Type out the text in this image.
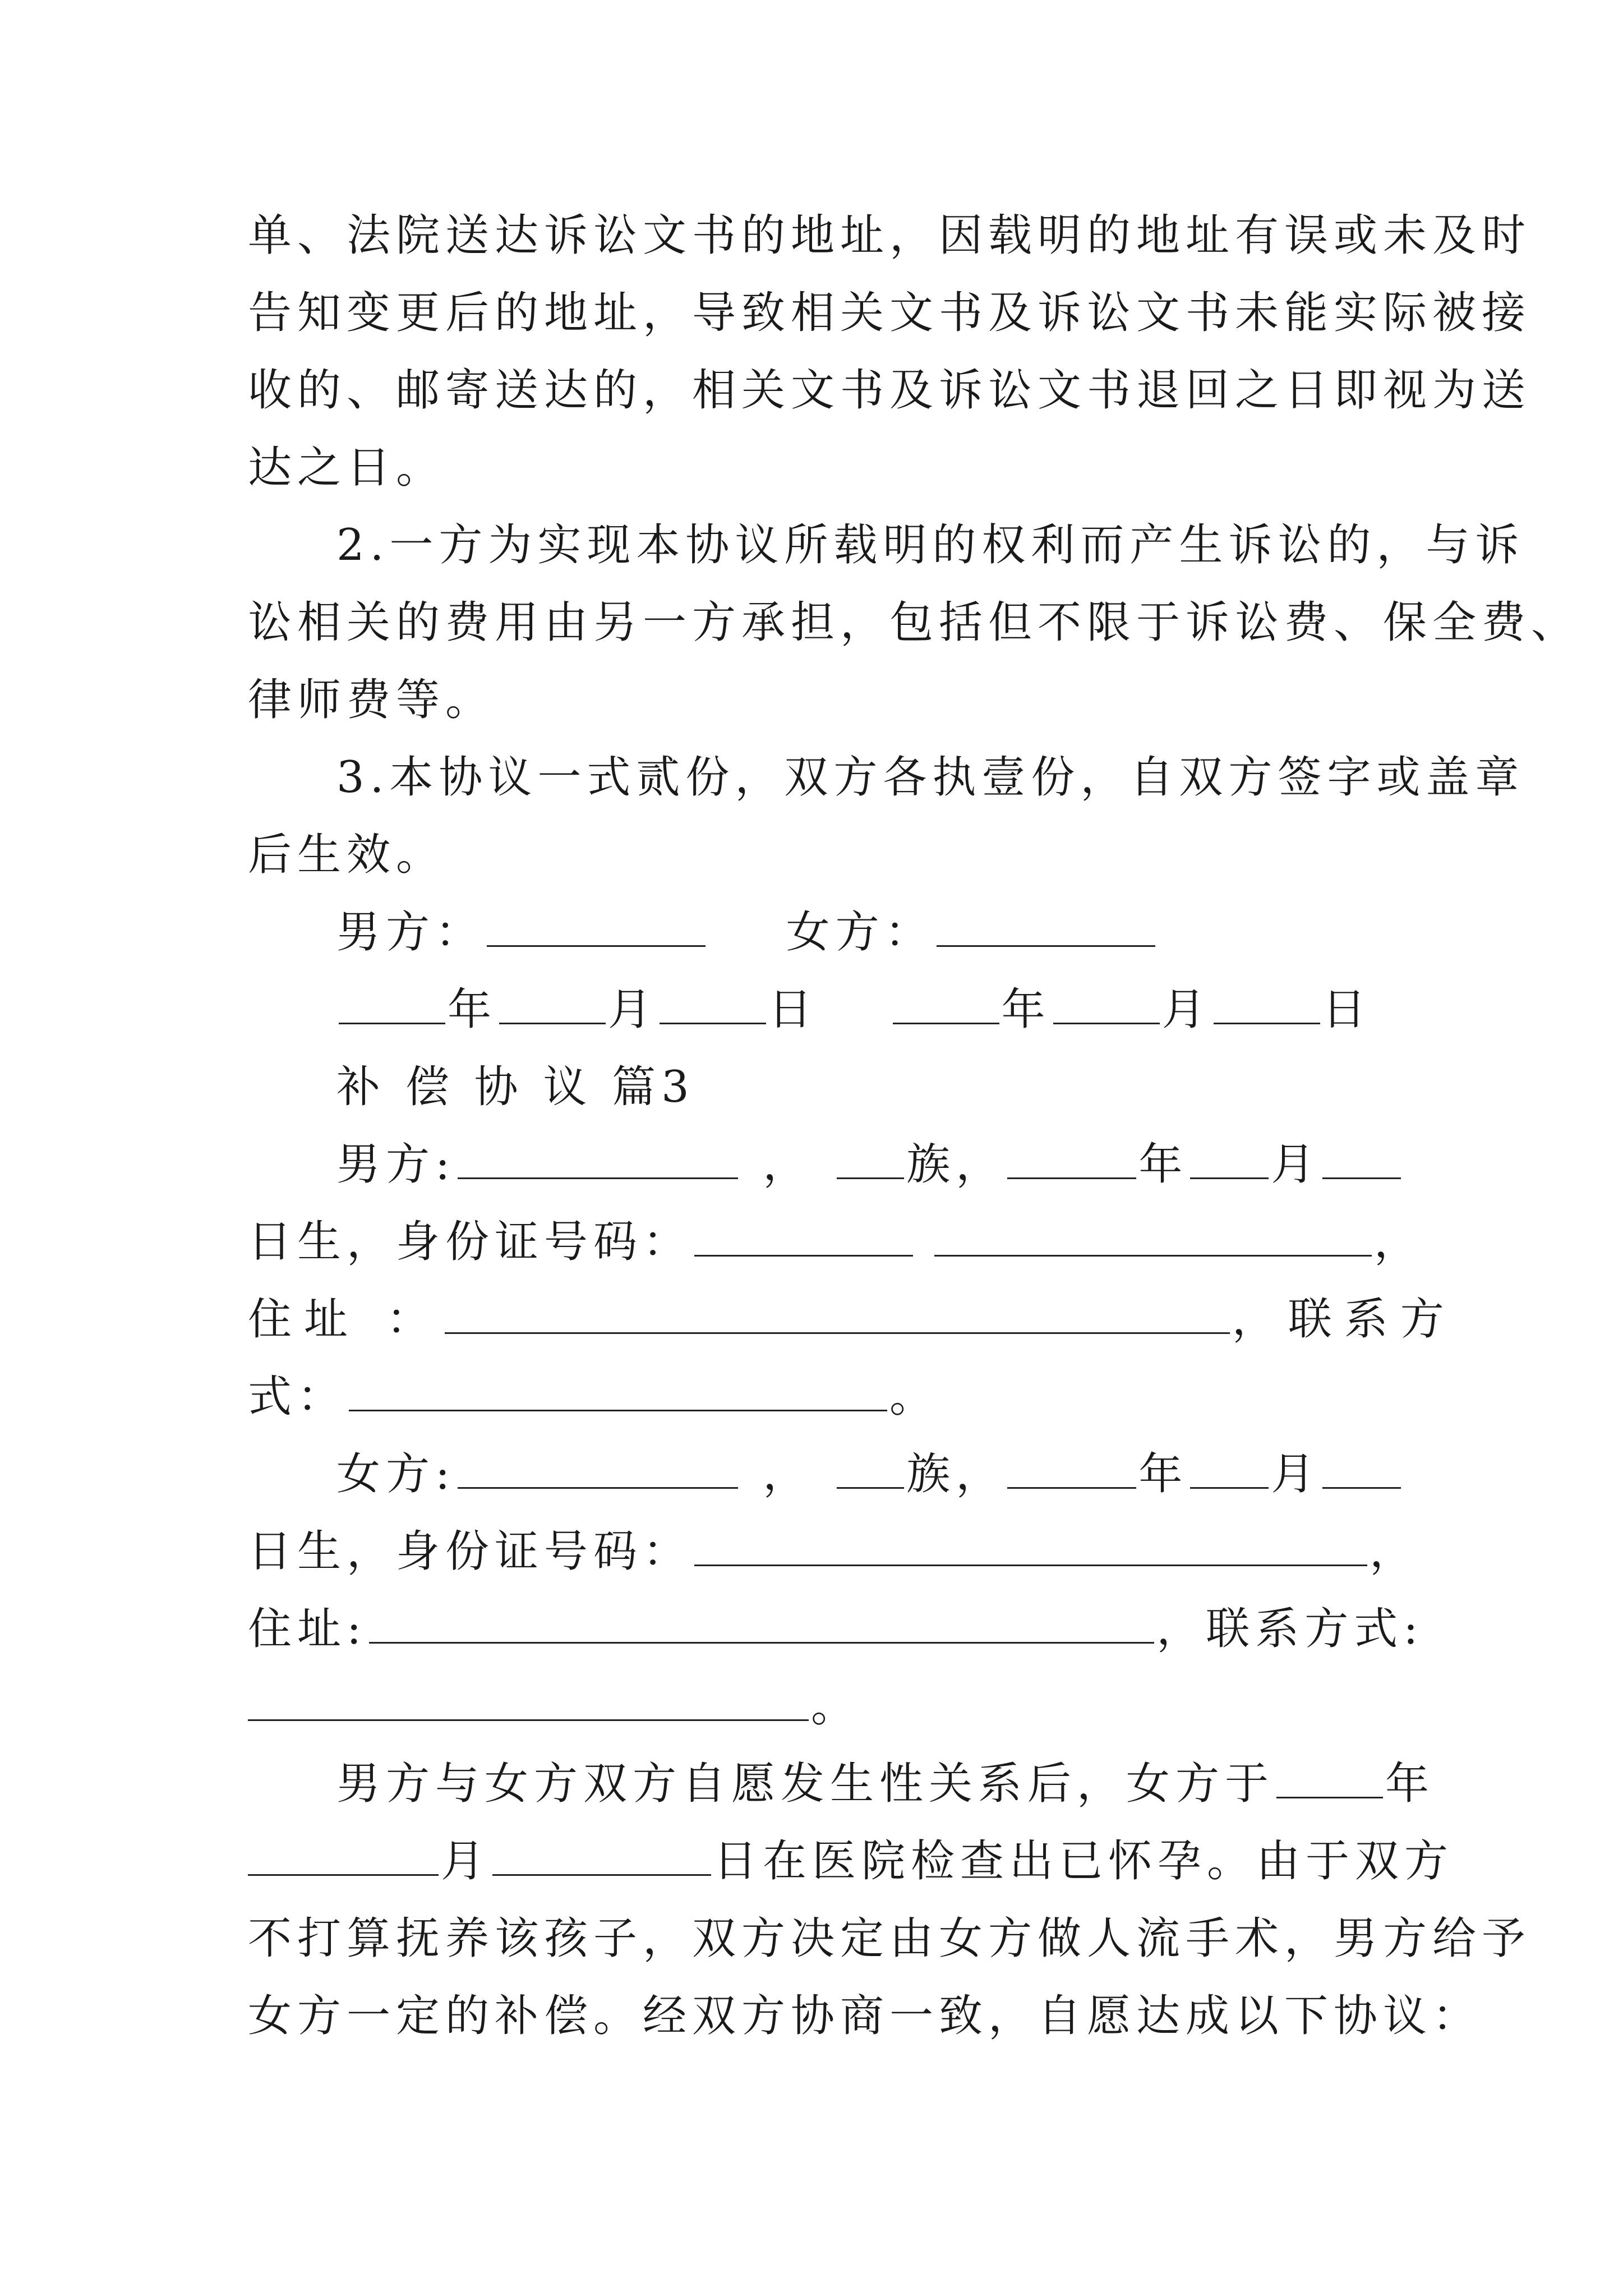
单、法院送达诉讼文书的地址，因载明的地址有误或未及时
告知变更后的地址，导致相关文书及诉讼文书未能实际被接
收的、邮寄送达的，相关文书及诉讼文书退回之日即视为送
达之日。
2.一方为实现本协议所载明的权利而产生诉讼的，与诉
讼相关的费用由另一方承担，包括但不限于诉讼费、保全费、
律师费等。
3.本协议一式贰份，双方各执壹份，自双方签字或盖章
后生效。
男方：	女方：
年	月	日	年	月	日
补 偿 协 议 篇3
男方:	， 族，	年 月
日生，身份证号码：	，
住址 ：	，联系方
式：	。
女方:	， 族，	年 月
日生，身份证号码：	，
住址:	，联系方式:
。
男方与女方双方自愿发生性关系后，女方于	年
月	日在医院检查出已怀孕。由于双方
不打算抚养该孩子，双方决定由女方做人流手术，男方给予
女方一定的补偿。经双方协商一致，自愿达成以下协议：
